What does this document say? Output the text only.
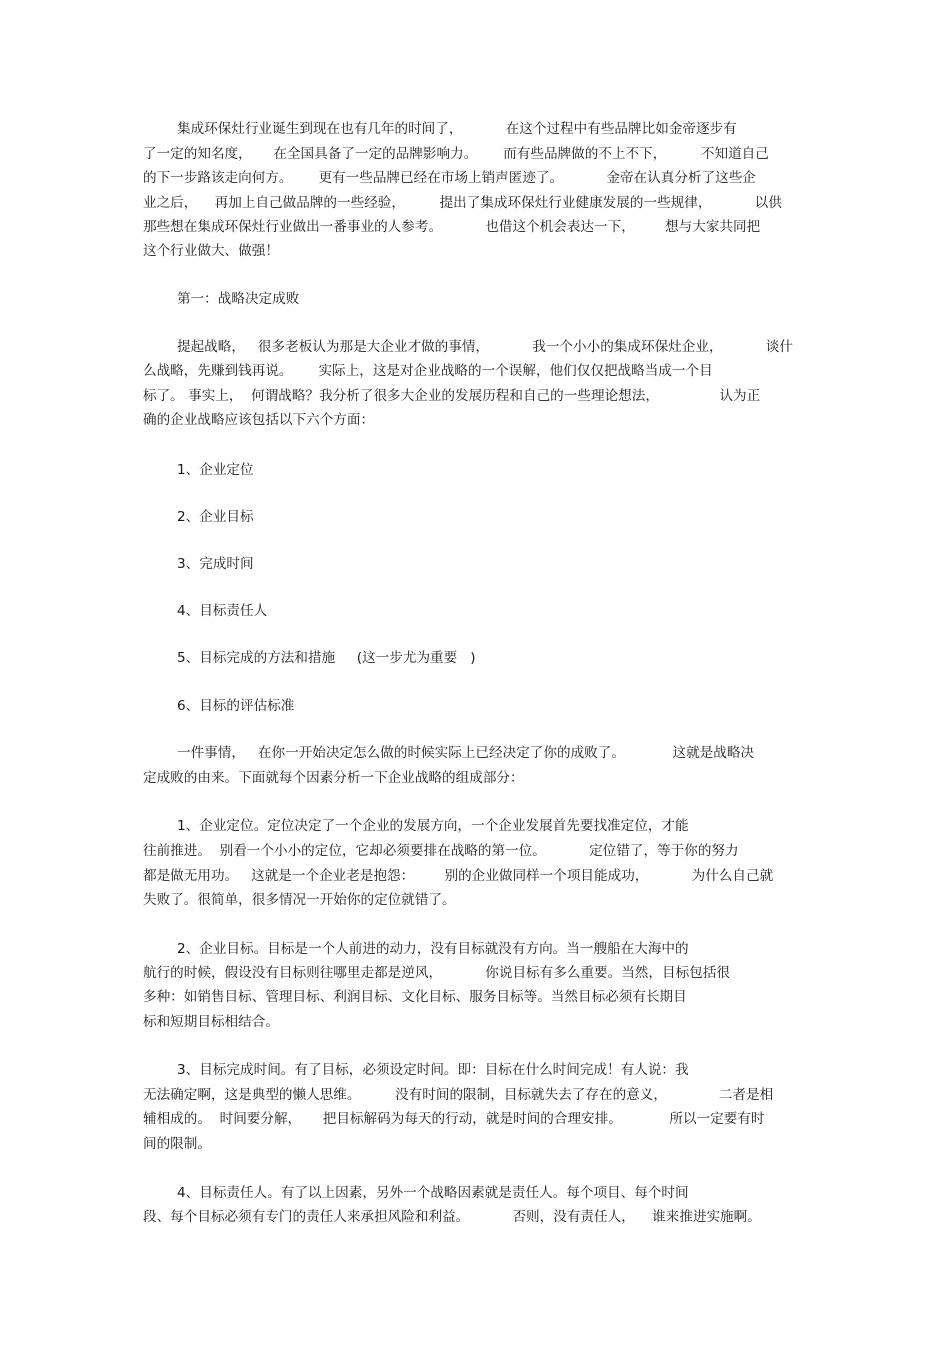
集成环保灶行业诞生到现在也有几年的时间了，          在这个过程中有些品牌比如金帝逐步有
了一定的知名度，     在全国具备了一定的品牌影响力。      而有些品牌做的不上不下，        不知道自己
的下一步路该走向何方。      更有一些品牌已经在市场上销声匿迹了。          金帝在认真分析了这些企
业之后，    再加上自己做品牌的一些经验，        提出了集成环保灶行业健康发展的一些规律，          以供
那些想在集成环保灶行业做出一番事业的人参考。          也借这个机会表达一下，       想与大家共同把
这个行业做大、做强！
第一：战略决定成败
提起战略，   很多老板认为那是大企业才做的事情，          我一个小小的集成环保灶企业，          谈什
么战略，先赚到钱再说。      实际上，这是对企业战略的一个误解，他们仅仅把战略当成一个目
标了。 事实上，  何谓战略？我分析了很多大企业的发展历程和自己的一些理论想法，              认为正
确的企业战略应该包括以下六个方面：
1、企业定位
2、企业目标
3、完成时间
4、目标责任人
5、目标完成的方法和措施     (这一步尤为重要   )
6、目标的评估标准
一件事情，   在你一开始决定怎么做的时候实际上已经决定了你的成败了。           这就是战略决
定成败的由来。下面就每个因素分析一下企业战略的组成部分：
1、企业定位。定位决定了一个企业的发展方向，一个企业发展首先要找准定位，才能
往前推进。  别看一个小小的定位，它却必须要排在战略的第一位。          定位错了，等于你的努力
都是做无用功。   这就是一个企业老是抱怨：       别的企业做同样一个项目能成功，          为什么自己就
失败了。很简单，很多情况一开始你的定位就错了。
2、企业目标。目标是一个人前进的动力，没有目标就没有方向。当一艘船在大海中的
航行的时候，假设没有目标则往哪里走都是逆风，          你说目标有多么重要。当然，目标包括很
多种：如销售目标、管理目标、利润目标、文化目标、服务目标等。当然目标必须有长期目
标和短期目标相结合。
3、目标完成时间。有了目标，必须设定时间。即：目标在什么时间完成！有人说：我
无法确定啊，这是典型的懒人思维。        没有时间的限制，目标就失去了存在的意义，            二者是相
辅相成的。  时间要分解，     把目标解码为每天的行动，就是时间的合理安排。           所以一定要有时
间的限制。
4、目标责任人。有了以上因素，另外一个战略因素就是责任人。每个项目、每个时间
段、每个目标必须有专门的责任人来承担风险和利益。          否则，没有责任人，    谁来推进实施啊。
